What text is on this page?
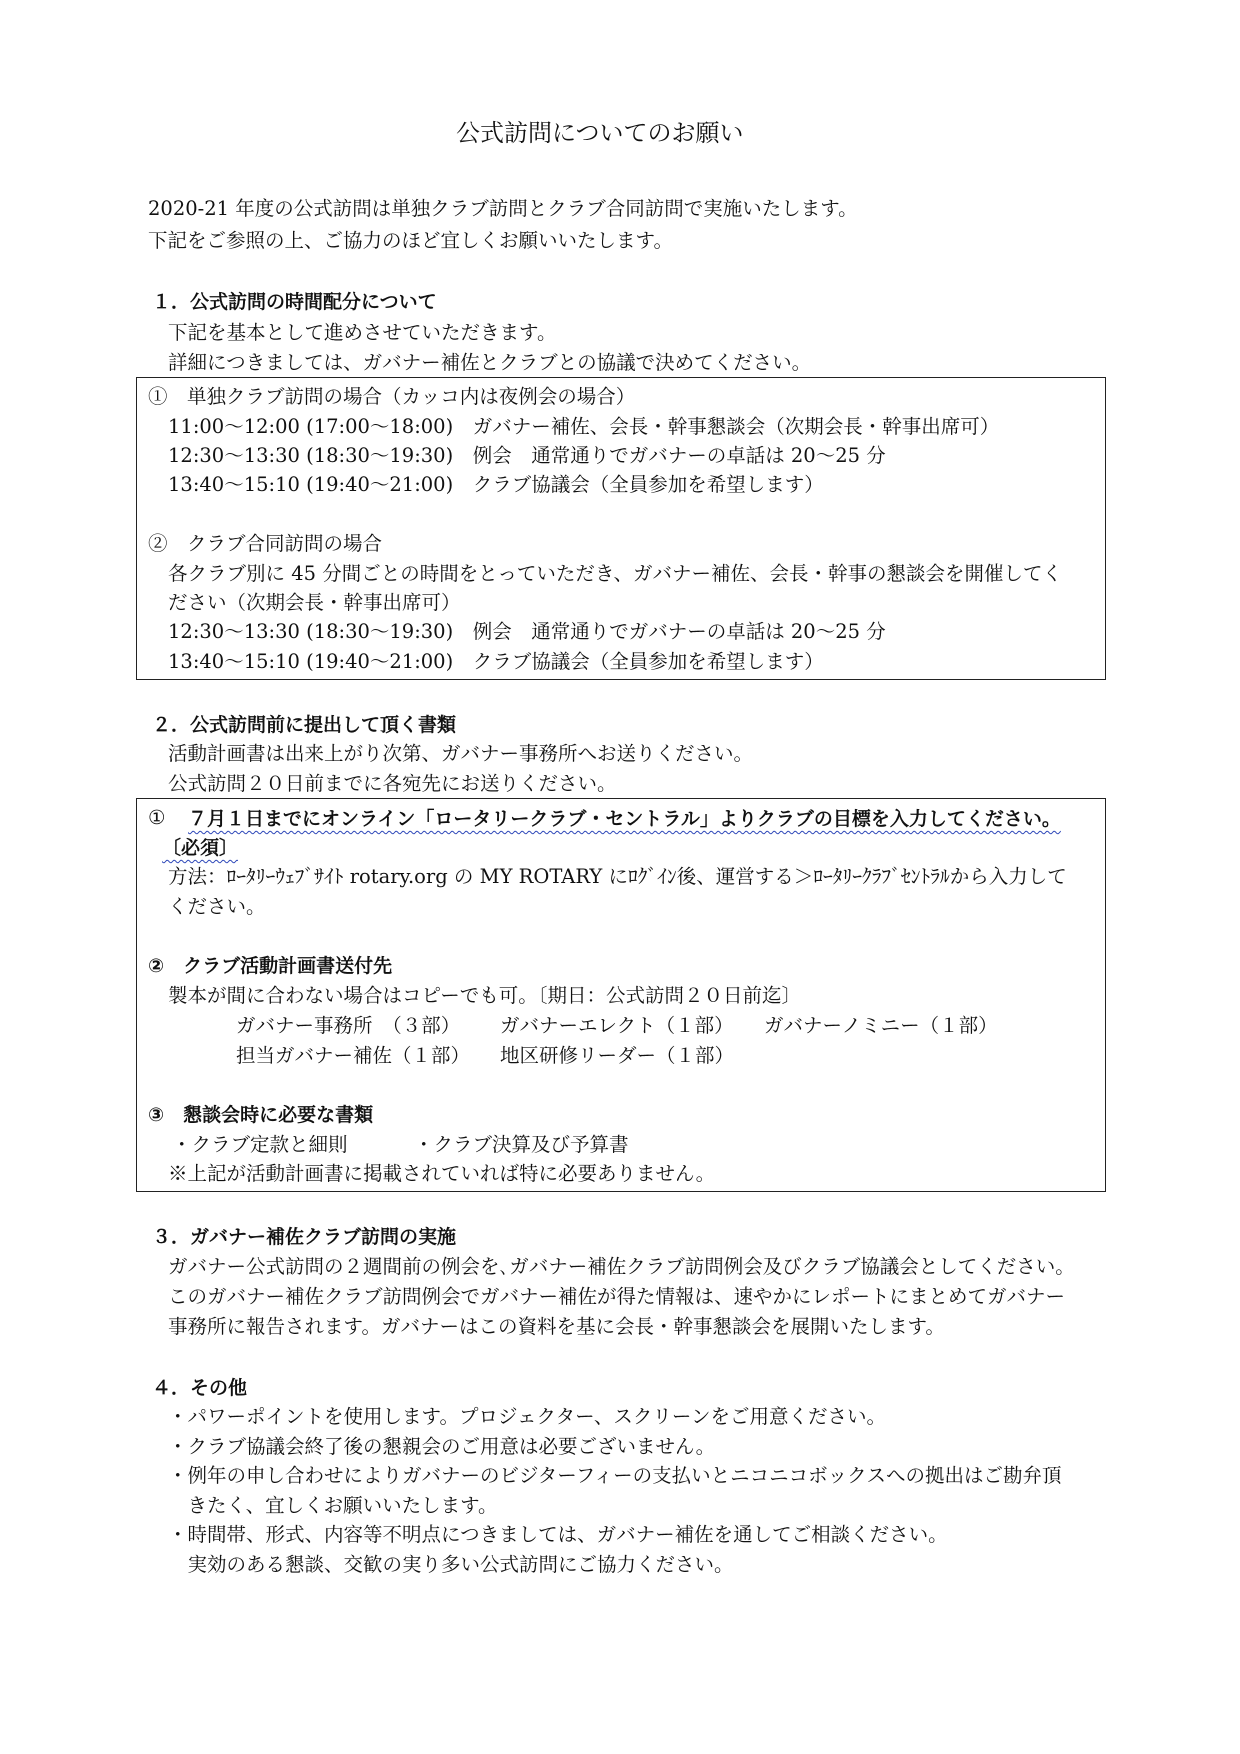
公式訪問についてのお願い
2020-21 年度の公式訪問は単独クラブ訪問とクラブ合同訪問で実施いたします。
下記をご参照の上、ご協力のほど宜しくお願いいたします。
１．公式訪問の時間配分について
下記を基本として進めさせていただきます。
詳細につきましては、ガバナー補佐とクラブとの協議で決めてください。
①　単独クラブ訪問の場合（カッコ内は夜例会の場合）
11:00～12:00 (17:00～18:00)　ガバナー補佐、会長・幹事懇談会（次期会長・幹事出席可）
12:30～13:30 (18:30～19:30)　例会　通常通りでガバナーの卓話は 20～25 分
13:40～15:10 (19:40～21:00)　クラブ協議会（全員参加を希望します）
②　クラブ合同訪問の場合
各クラブ別に 45 分間ごとの時間をとっていただき、ガバナー補佐、会長・幹事の懇談会を開催してく
ださい（次期会長・幹事出席可）
12:30～13:30 (18:30～19:30)　例会　通常通りでガバナーの卓話は 20～25 分
13:40～15:10 (19:40～21:00)　クラブ協議会（全員参加を希望します）
２．公式訪問前に提出して頂く書類
活動計画書は出来上がり次第、ガバナー事務所へお送りください。
公式訪問２０日前までに各宛先にお送りください。
① ７月１日までにオンライン「ロータリークラブ・セントラル」よりクラブの目標を入力してください。
〔必須〕
方法：ﾛｰﾀﾘｰｳｪﾌﾞｻｲﾄ rotary.org の MY ROTARY にﾛｸﾞｲﾝ後、運営する＞ﾛｰﾀﾘｰｸﾗﾌﾞｾﾝﾄﾗﾙから入力して
ください。
②　クラブ活動計画書送付先
製本が間に合わない場合はコピーでも可。〔期日：公式訪問２０日前迄〕
ガバナー事務所　（３部） ガバナーエレクト（１部） ガバナーノミニー（１部）
担当ガバナー補佐（１部） 地区研修リーダー（１部）
③　懇談会時に必要な書類
・クラブ定款と細則	・クラブ決算及び予算書
※上記が活動計画書に掲載されていれば特に必要ありません。
３．ガバナー補佐クラブ訪問の実施
ガバナー公式訪問の２週間前の例会を､ガバナー補佐クラブ訪問例会及びクラブ協議会としてください。
このガバナー補佐クラブ訪問例会でガバナー補佐が得た情報は、速やかにレポートにまとめてガバナー
事務所に報告されます。ガバナーはこの資料を基に会長・幹事懇談会を展開いたします。
４．その他
・パワーポイントを使用します。プロジェクター、スクリーンをご用意ください。
・クラブ協議会終了後の懇親会のご用意は必要ございません。
・例年の申し合わせによりガバナーのビジターフィーの支払いとニコニコボックスへの拠出はご勘弁頂
　きたく、宜しくお願いいたします。
・時間帯、形式、内容等不明点につきましては、ガバナー補佐を通してご相談ください。
　実効のある懇談、交歓の実り多い公式訪問にご協力ください。
